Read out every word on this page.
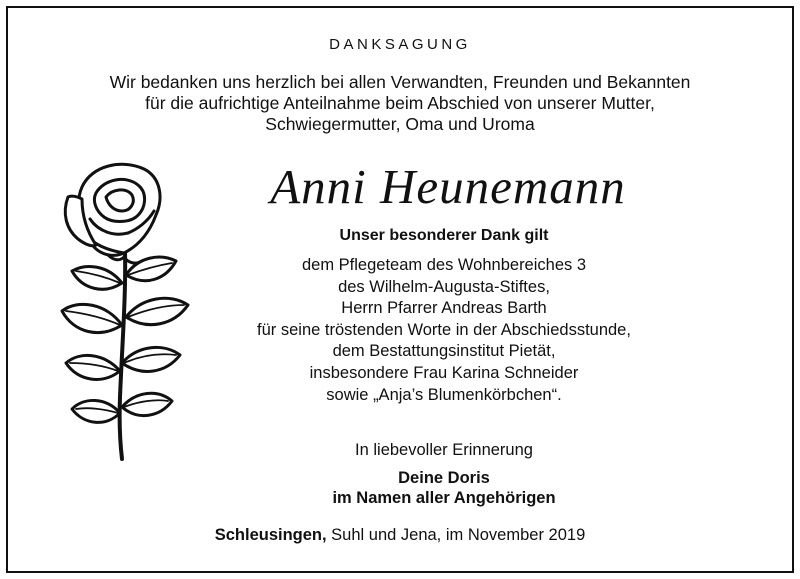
DANKSAGUNG
Wir bedanken uns herzlich bei allen Verwandten, Freunden und Bekannten
für die aufrichtige Anteilnahme beim Abschied von unserer Mutter,
Schwiegermutter, Oma und Uroma
Anni Heunemann
Unser besonderer Dank gilt
dem Pflegeteam des Wohnbereiches 3
des Wilhelm-Augusta-Stiftes,
Herrn Pfarrer Andreas Barth
für seine tröstenden Worte in der Abschiedsstunde,
dem Bestattungsinstitut Pietät,
insbesondere Frau Karina Schneider
sowie „Anja’s Blumenkörbchen“.
In liebevoller Erinnerung
Deine Doris
im Namen aller Angehörigen
Schleusingen, Suhl und Jena, im November 2019
